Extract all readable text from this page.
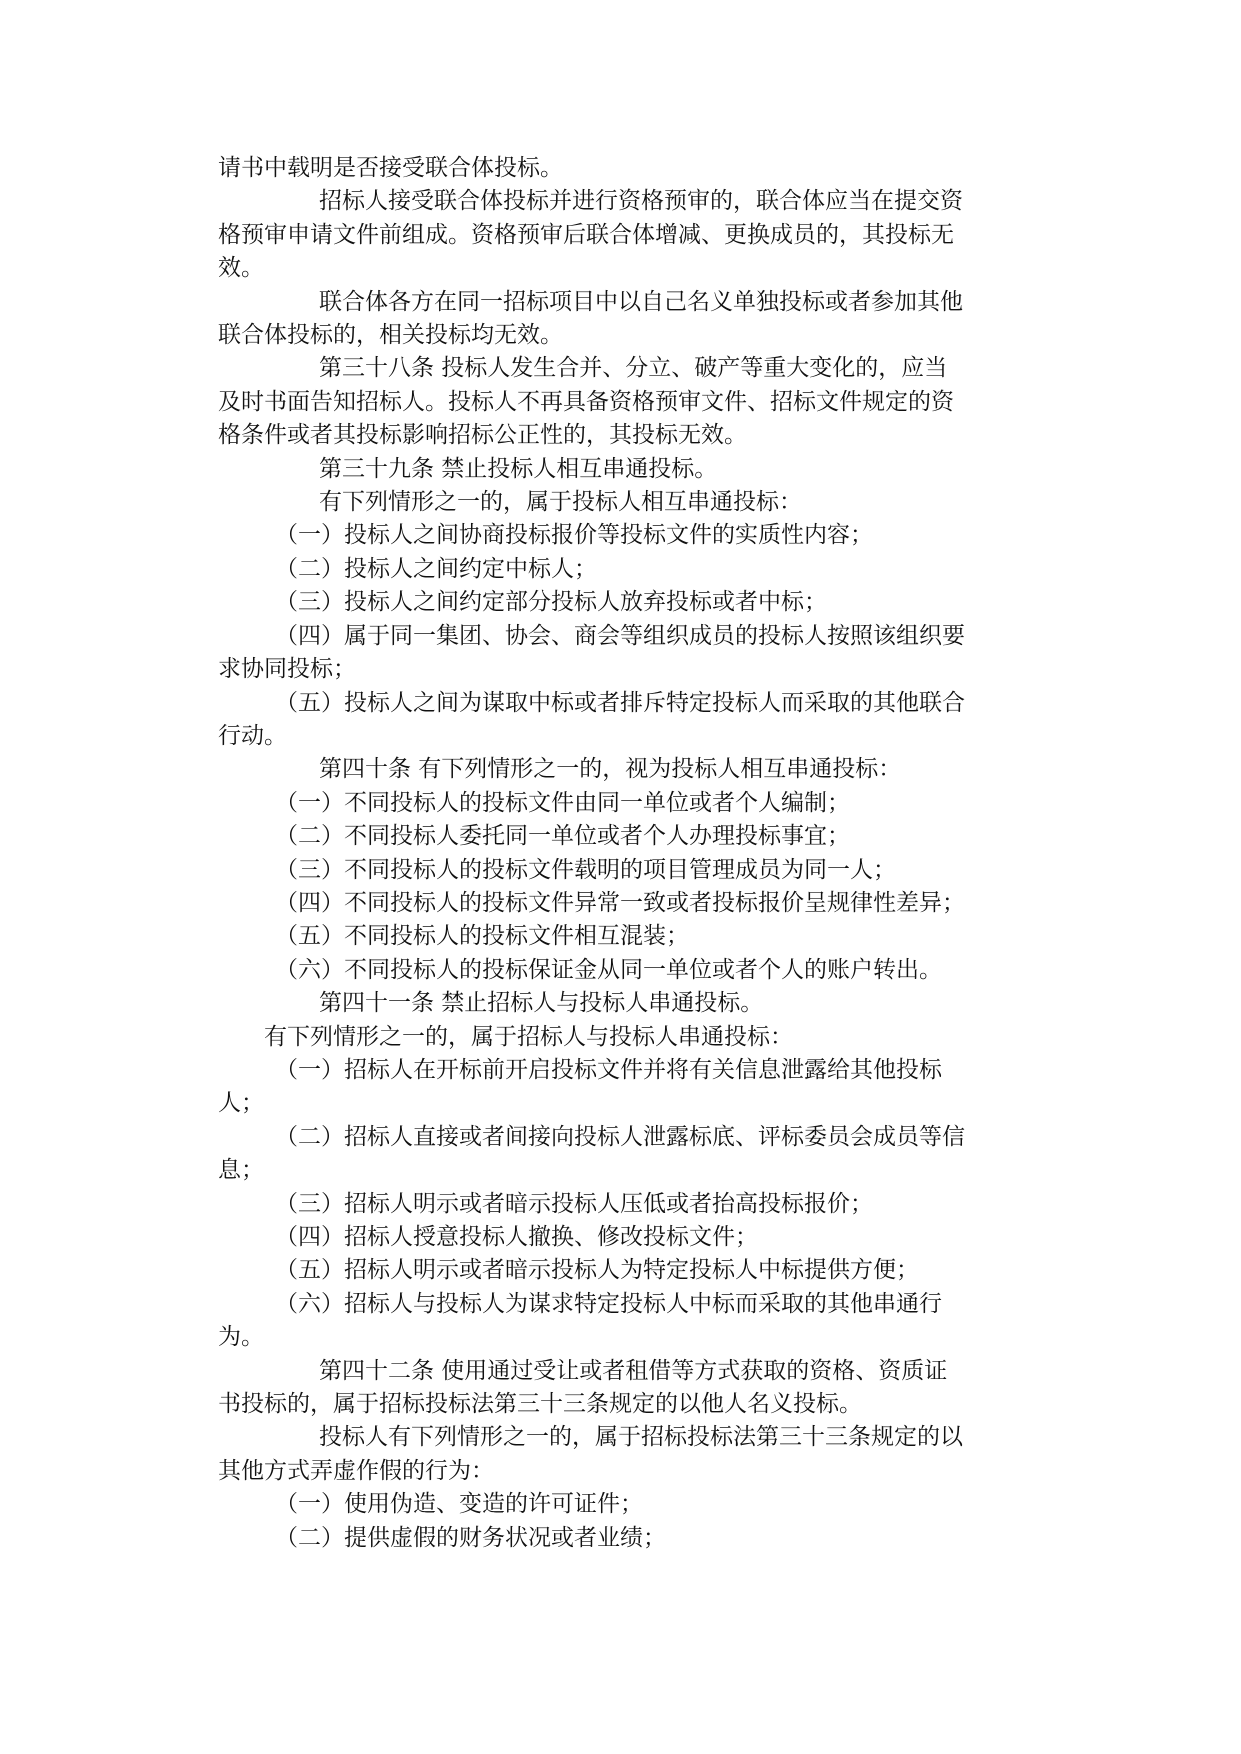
请书中载明是否接受联合体投标。

招标人接受联合体投标并进行资格预审的，联合体应当在提交资

格预审申请文件前组成。资格预审后联合体增减、更换成员的，其投标无

效。

联合体各方在同一招标项目中以自己名义单独投标或者参加其他

联合体投标的，相关投标均无效。

第三十八条 投标人发生合并、分立、破产等重大变化的，应当

及时书面告知招标人。投标人不再具备资格预审文件、招标文件规定的资

格条件或者其投标影响招标公正性的，其投标无效。

第三十九条 禁止投标人相互串通投标。

有下列情形之一的，属于投标人相互串通投标：

（一）投标人之间协商投标报价等投标文件的实质性内容；

（二）投标人之间约定中标人；

（三）投标人之间约定部分投标人放弃投标或者中标；

（四）属于同一集团、协会、商会等组织成员的投标人按照该组织要

求协同投标；

（五）投标人之间为谋取中标或者排斥特定投标人而采取的其他联合

行动。

第四十条 有下列情形之一的，视为投标人相互串通投标：

（一）不同投标人的投标文件由同一单位或者个人编制；

（二）不同投标人委托同一单位或者个人办理投标事宜；

（三）不同投标人的投标文件载明的项目管理成员为同一人；

（四）不同投标人的投标文件异常一致或者投标报价呈规律性差异；

（五）不同投标人的投标文件相互混装；

（六）不同投标人的投标保证金从同一单位或者个人的账户转出。

第四十一条 禁止招标人与投标人串通投标。

有下列情形之一的，属于招标人与投标人串通投标：

（一）招标人在开标前开启投标文件并将有关信息泄露给其他投标

人；

（二）招标人直接或者间接向投标人泄露标底、评标委员会成员等信

息；

（三）招标人明示或者暗示投标人压低或者抬高投标报价；

（四）招标人授意投标人撤换、修改投标文件；

（五）招标人明示或者暗示投标人为特定投标人中标提供方便；

（六）招标人与投标人为谋求特定投标人中标而采取的其他串通行

为。

第四十二条 使用通过受让或者租借等方式获取的资格、资质证

书投标的，属于招标投标法第三十三条规定的以他人名义投标。

投标人有下列情形之一的，属于招标投标法第三十三条规定的以

其他方式弄虚作假的行为：

（一）使用伪造、变造的许可证件；

（二）提供虚假的财务状况或者业绩；
